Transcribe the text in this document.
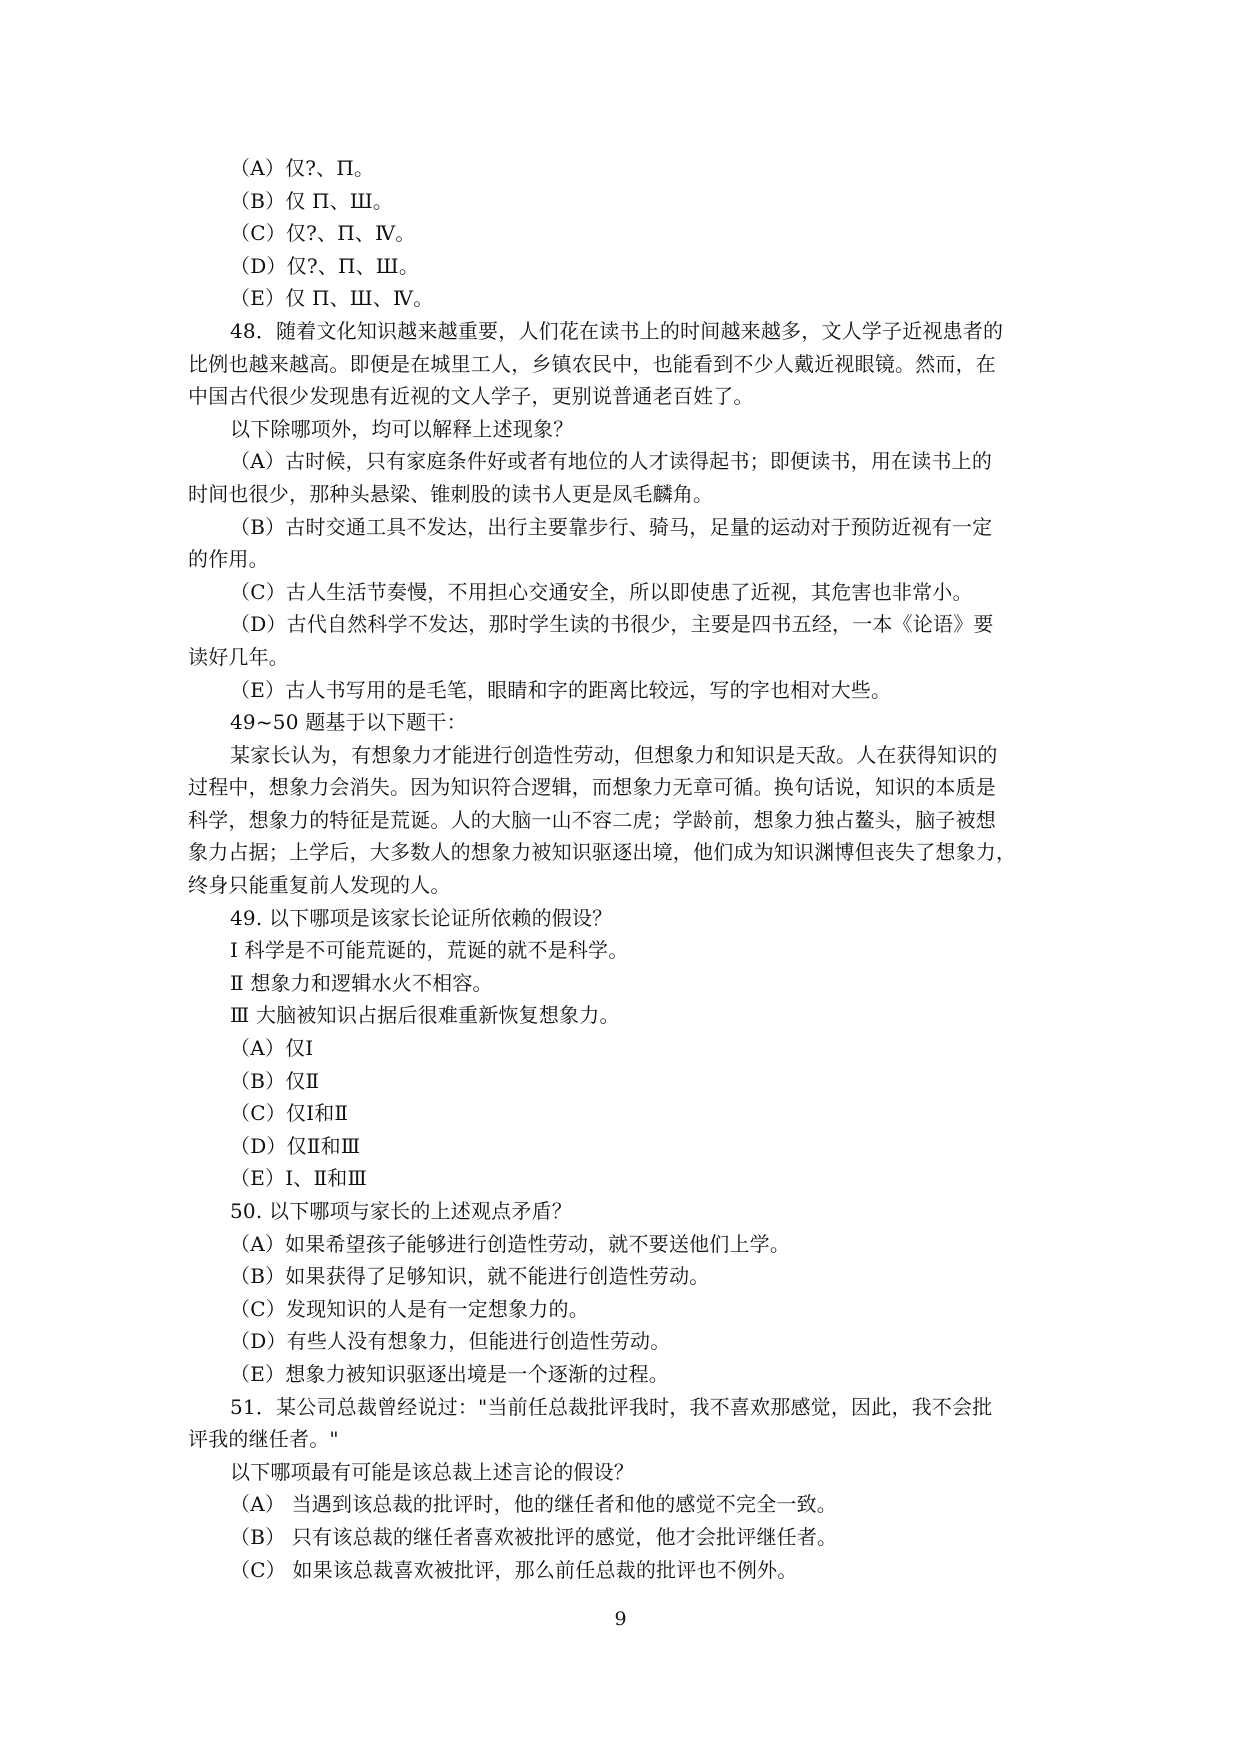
（A）仅?、Π。
（B）仅 Π、Ш。
（C）仅?、Π、Ⅳ。
（D）仅?、Π、Ш。
（E）仅 Π、Ш、Ⅳ。
48．随着文化知识越来越重要，人们花在读书上的时间越来越多，文人学子近视患者的
比例也越来越高。即便是在城里工人，乡镇农民中，也能看到不少人戴近视眼镜。然而，在
中国古代很少发现患有近视的文人学子，更别说普通老百姓了。
以下除哪项外，均可以解释上述现象？
（A）古时候，只有家庭条件好或者有地位的人才读得起书；即便读书，用在读书上的
时间也很少，那种头悬梁、锥刺股的读书人更是凤毛麟角。
（B）古时交通工具不发达，出行主要靠步行、骑马，足量的运动对于预防近视有一定
的作用。
（C）古人生活节奏慢，不用担心交通安全，所以即使患了近视，其危害也非常小。
（D）古代自然科学不发达，那时学生读的书很少，主要是四书五经，一本《论语》要
读好几年。
（E）古人书写用的是毛笔，眼睛和字的距离比较远，写的字也相对大些。
49~50 题基于以下题干：
某家长认为，有想象力才能进行创造性劳动，但想象力和知识是天敌。人在获得知识的
过程中，想象力会消失。因为知识符合逻辑，而想象力无章可循。换句话说，知识的本质是
科学，想象力的特征是荒诞。人的大脑一山不容二虎；学龄前，想象力独占鳌头，脑子被想
象力占据；上学后，大多数人的想象力被知识驱逐出境，他们成为知识渊博但丧失了想象力，
终身只能重复前人发现的人。
49. 以下哪项是该家长论证所依赖的假设？
Ⅰ 科学是不可能荒诞的，荒诞的就不是科学。
Ⅱ 想象力和逻辑水火不相容。
Ⅲ 大脑被知识占据后很难重新恢复想象力。
（A）仅Ⅰ
（B）仅Ⅱ
（C）仅Ⅰ和Ⅱ
（D）仅Ⅱ和Ⅲ
（E）Ⅰ、Ⅱ和Ⅲ
50. 以下哪项与家长的上述观点矛盾？
（A）如果希望孩子能够进行创造性劳动，就不要送他们上学。
（B）如果获得了足够知识，就不能进行创造性劳动。
（C）发现知识的人是有一定想象力的。
（D）有些人没有想象力，但能进行创造性劳动。
（E）想象力被知识驱逐出境是一个逐渐的过程。
51．某公司总裁曾经说过："当前任总裁批评我时，我不喜欢那感觉，因此，我不会批
评我的继任者。"
以下哪项最有可能是该总裁上述言论的假设？
（A） 当遇到该总裁的批评时，他的继任者和他的感觉不完全一致。
（B） 只有该总裁的继任者喜欢被批评的感觉，他才会批评继任者。
（C） 如果该总裁喜欢被批评，那么前任总裁的批评也不例外。
9
